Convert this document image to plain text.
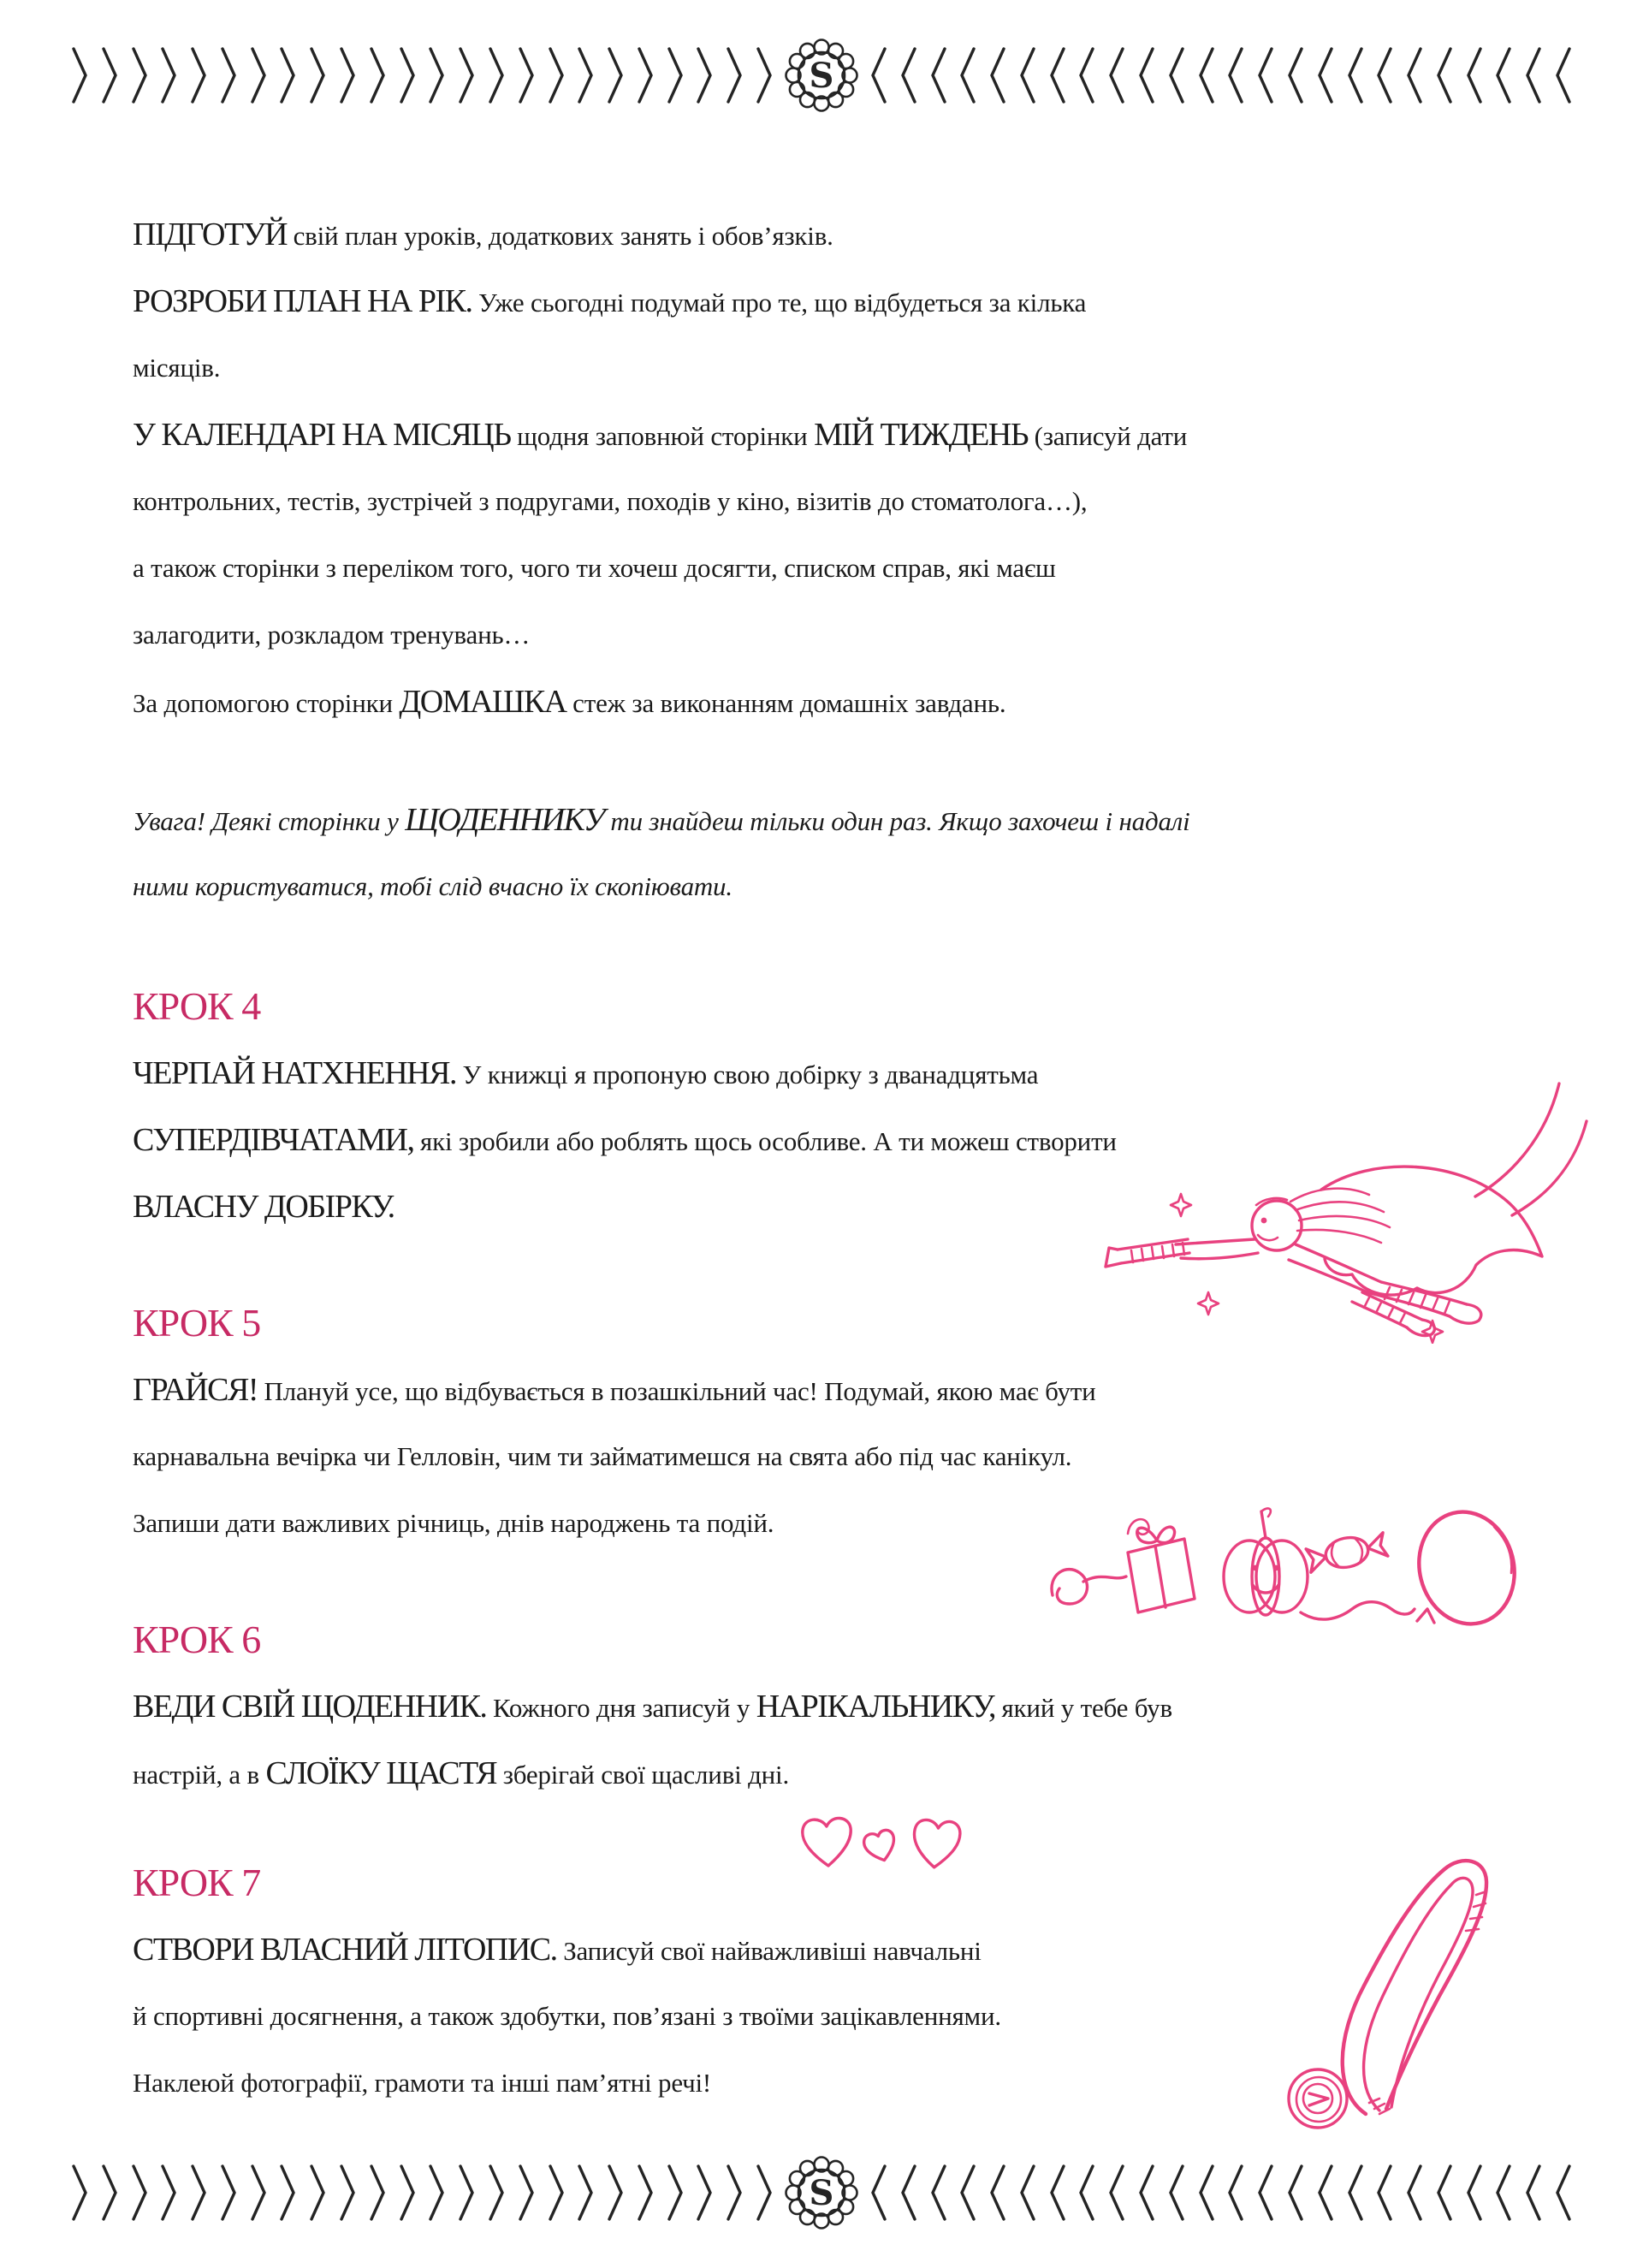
S
ПІДГОТУЙ свій план уроків, додаткових занять і обов’язків.
РОЗРОБИ ПЛАН НА РІК. Уже сьогодні подумай про те, що відбудеться за кілька
місяців.
У КАЛЕНДАРІ НА МІСЯЦЬ щодня заповнюй сторінки МІЙ ТИЖДЕНЬ (записуй дати
контрольних, тестів, зустрічей з подругами, походів у кіно, візитів до стоматолога…),
а також сторінки з переліком того, чого ти хочеш досягти, списком справ, які маєш
залагодити, розкладом тренувань…
За допомогою сторінки ДОМАШКА стеж за виконанням домашніх завдань.
Увага! Деякі сторінки у ЩОДЕННИКУ ти знайдеш тільки один раз. Якщо захочеш і надалі
ними користуватися, тобі слід вчасно їх скопіювати.
КРОК 4
ЧЕРПАЙ НАТХНЕННЯ. У книжці я пропоную свою добірку з дванадцятьма
СУПЕРДІВЧАТАМИ, які зробили або роблять щось особливе. А ти можеш створити
ВЛАСНУ ДОБІРКУ.
КРОК 5
ГРАЙСЯ! Плануй усе, що відбувається в позашкільний час! Подумай, якою має бути
карнавальна вечірка чи Гелловін, чим ти займатимешся на свята або під час канікул.
Запиши дати важливих річниць, днів народжень та подій.
КРОК 6
ВЕДИ СВІЙ ЩОДЕННИК. Кожного дня записуй у НАРІКАЛЬНИКУ, який у тебе був
настрій, а в СЛОЇКУ ЩАСТЯ зберігай свої щасливі дні.
КРОК 7
СТВОРИ ВЛАСНИЙ ЛІТОПИС. Записуй свої найважливіші навчальні
й спортивні досягнення, а також здобутки, пов’язані з твоїми зацікавленнями.
Наклеюй фотографії, грамоти та інші пам’ятні речі!
S
